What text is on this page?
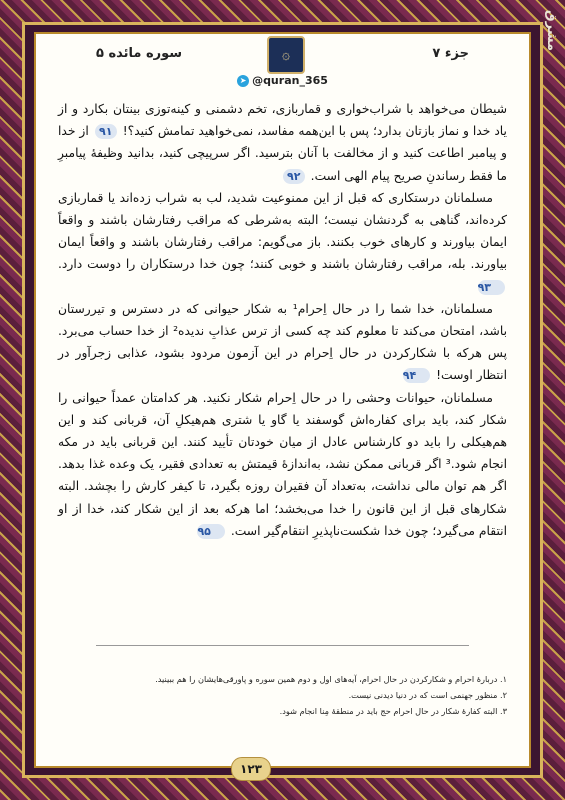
جزء ۷
سوره مائده ۵	۞
➤ @quran_365

شیطان می‌خواهد با شراب‌خواری و قماربازی، تخم دشمنی و کینه‌توزی بینتان بکارد و از یاد خدا و نماز بازتان بدارد؛ پس با این‌همه مفاسد، نمی‌خواهید تمامش کنید؟! ۹۱ از خدا و پیامبر اطاعت کنید و از مخالفت با آنان بترسید. اگر سرپیچی کنید، بدانید وظیفهٔ پیامبرِ ما فقط رساندنِ صریح پیام الهی است. ۹۲

مسلمانان درستکاری که قبل از این ممنوعیت شدید، لب به شراب زده‌اند یا قماربازی کرده‌اند، گناهی به گردنشان نیست؛ البته به‌شرطی که مراقب رفتارشان باشند و واقعاً ایمان بیاورند و کارهای خوب بکنند. باز می‌گویم: مراقب رفتارشان باشند و واقعاً ایمان بیاورند. بله، مراقب رفتارشان باشند و خوبی کنند؛ چون خدا درستکاران را دوست دارد. ۹۳

مسلمانان، خدا شما را در حال اِحرام¹ به شکار حیوانی که در دسترس و تیررستان باشد، امتحان می‌کند تا معلوم کند چه کسی از ترس عذابِ ندیده² از خدا حساب می‌برد. پس هرکه با شکارکردن در حال اِحرام در این آزمون مردود بشود، عذابی زجرآور در انتظار اوست! ۹۴

مسلمانان، حیوانات وحشی را در حال اِحرام شکار نکنید. هر کدامتان عمداً حیوانی را شکار کند، باید برای کفاره‌اش گوسفند یا گاو یا شتری هم‌هیکلِ آن، قربانی کند و این هم‌هیکلی را باید دو کارشناس عادل از میان خودتان تأیید کنند. این قربانی باید در مکه انجام شود.³ اگر قربانی ممکن نشد، به‌اندازهٔ قیمتش به تعدادی فقیر، یک وعده غذا بدهد. اگر هم توان مالی نداشت، به‌تعداد آن فقیران روزه بگیرد، تا کیفر کارش را بچشد. البته شکارهای قبل از این قانون را خدا می‌بخشد؛ اما هرکه بعد از این شکار کند، خدا از او انتقام می‌گیرد؛ چون خدا شکست‌ناپذیرِ انتقام‌گیر است. ۹۵

۱. دربارهٔ احرام و شکارکردن در حال احرام، آیه‌های اول و دوم همین سوره و پاورقی‌هایشان را هم ببینید.
۲. منظور جهنمی است که در دنیا دیدنی نیست.
۳. البته کفارهٔ شکار در حال احرام حج باید در منطقهٔ مِنا انجام شود.
مشرق
۱۲۳
